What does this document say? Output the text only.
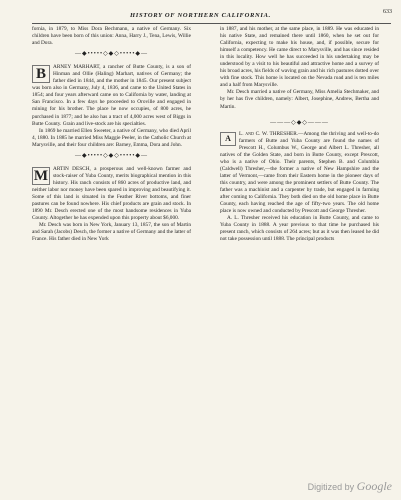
633
HISTORY OF NORTHERN CALIFORNIA.

fornia, in 1879, to Miss Dora Bechmann, a native of Germany. Six children have been born of this union: Anna, Harry J., Tena, Lewis, Willie and Dora.

—◆•••••◇◆◇•••••◆—

B	ARNEY MARHART, a rancher of Butte County, is a son of Hinman and Ollie (Haling) Marhart, natives of Germany; the father died in 1844, and the mother in 1845. Our present subject was born also in Germany, July 4, 1836, and came to the United States in 1854; and four years afterward came on to California by water, landing at San Francisco. In a few days he proceeded to Oroville and engaged in mining for his brother. The place he now occupies, of 800 acres, he purchased in 1877; and he also has a tract of 4,000 acres west of Biggs in Butte County. Grain and live-stock are his specialties.

In 1869 he married Ellen Sweeter, a native of Germany, who died April 4, 1880. In 1885 he married Miss Maggie Peeler, in the Catholic Church at Marysville, and their four children are: Barney, Emma, Dora and John.

—◆•••••◇◆◇•••••◆—

M ARTIN DESCH, a prosperous and well-known farmer and stock-raiser of Yuba County, merits biographical mention in this history. His ranch consists of 860 acres of productive land, and neither labor nor money have been spared in improving and beautifying it. Some of this land is situated in the Feather River bottoms, and finer pastures can be found nowhere. His chief products are grain and stock. In 1890 Mr. Desch erected one of the most handsome residences in Yuba County. Altogether he has expended upon this property about $6,000.

Mr. Desch was born in New York, January 13, 1857, the son of Martin and Sarah (Jacobs) Desch, the former a native of Germany and the latter of France. His father died in New York

in 1887, and his mother, at the same place, in 1889. He was educated in his native State, and remained there until 1860, when he set out for California, expecting to make his house, and, if possible, secure for himself a competency. He came direct to Marysville, and has since resided in this locality. How well he has succeeded in his undertaking may be understood by a visit to his beautiful and attractive home and a survey of his broad acres, his fields of waving grain and his rich pastures dotted over with fine stock. This home is located on the Nevada road and is ten miles and a half from Marysville.

Mr. Desch married a native of Germany, Miss Amelia Stechmaker, and by her has five children, namely: Albert, Josephine, Andrew, Bertha and Martin.

———◇◆◇———

A	L. and C. W. THRESHER.—Among the thriving and well-to-do farmers of Butte and Yuba County are found the names of Prescott H., Columbus W., George and Albert L. Thresher, all natives of the Golden State, and born in Butte County, except Prescott, who is a native of Ohio. Their parents, Stephen B. and Columbia (Caldwell) Thresher,—the former a native of New Hampshire and the latter of Vermont,—came from their Eastern home in the pioneer days of this country, and were among the prominent settlers of Butte County. The father was a machinist and a carpenter by trade, but engaged in farming after coming to California. They both died on the old home place in Butte County, each having reached the age of fifty-two years. The old home place is now owned and conducted by Prescott and George Thresher.

A. L. Thresher received his education in Butte County, and came to Yuba County in 1888. A year previous to that time he purchased his present ranch, which consists of 264 acres; but as it was then leased he did not take possession until 1888. The principal products

Digitized by Google
